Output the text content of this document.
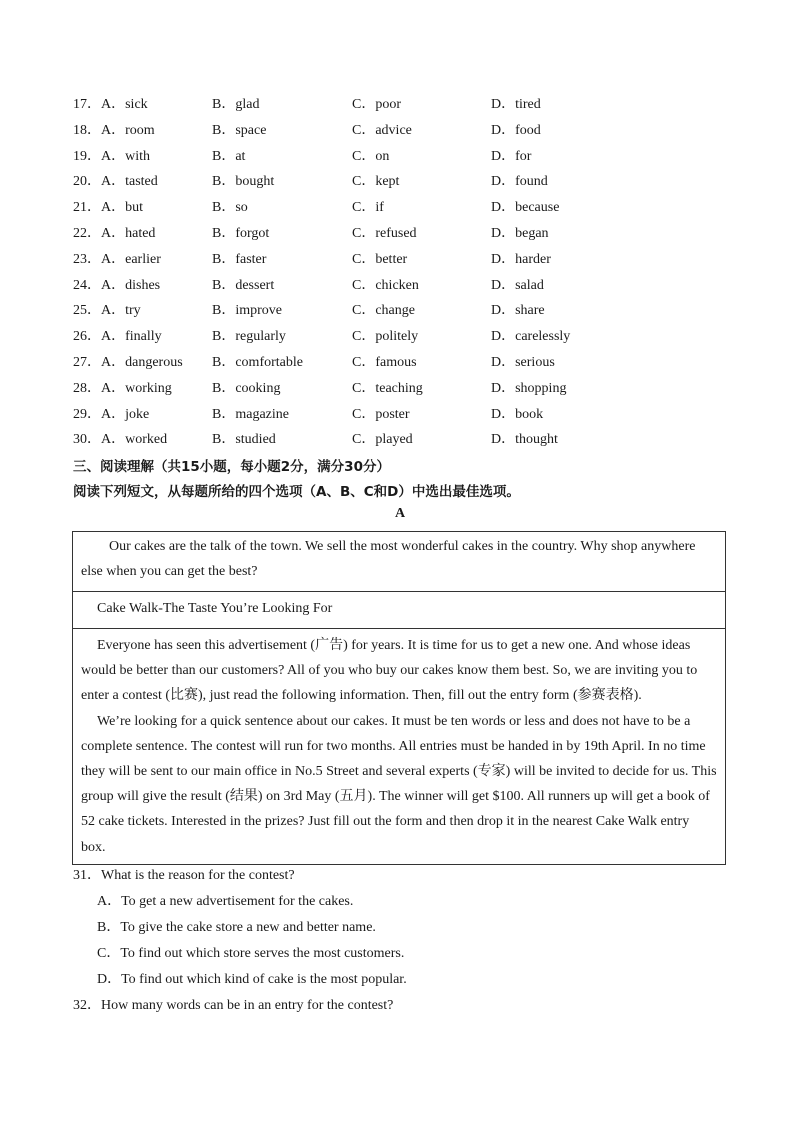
17．A．sick	B．glad	C．poor	D．tired
18．A．room	B．space	C．advice	D．food
19．A．with	B．at	C．on	D．for
20．A．tasted	B．bought	C．kept	D．found
21．A．but	B．so	C．if	D．because
22．A．hated	B．forgot	C．refused	D．began
23．A．earlier	B．faster	C．better	D．harder
24．A．dishes	B．dessert	C．chicken	D．salad
25．A．try	B．improve	C．change	D．share
26．A．finally	B．regularly	C．politely	D．carelessly
27．A．dangerous B．comfortable	C．famous	D．serious
28．A．working	B．cooking	C．teaching	D．shopping
29．A．joke	B．magazine	C．poster	D．book
30．A．worked	B．studied	C．played	D．thought
三、阅读理解（共15小题，每小题2分，满分30分）
阅读下列短文，从每题所给的四个选项（A、B、C和D）中选出最佳选项。
A

Our cakes are the talk of the town. We sell the most wonderful cakes in the country. Why shop anywhere else when you can get the best?

Cake Walk-The Taste You’re Looking For

Everyone has seen this advertisement (广告) for years. It is time for us to get a new one. And whose ideas would be better than our customers? All of you who buy our cakes know them best. So, we are inviting you to enter a contest (比赛), just read the following information. Then, fill out the entry form (参赛表格).

We’re looking for a quick sentence about our cakes. It must be ten words or less and does not have to be a complete sentence. The contest will run for two months. All entries must be handed in by 19th April. In no time they will be sent to our main office in No.5 Street and several experts (专家) will be invited to decide for us. This group will give the result (结果) on 3rd May (五月). The winner will get $100. All runners up will get a book of 52 cake tickets. Interested in the prizes? Just fill out the form and then drop it in the nearest Cake Walk entry box.

31．What is the reason for the contest?
A．To get a new advertisement for the cakes.
B．To give the cake store a new and better name.
C．To find out which store serves the most customers.
D．To find out which kind of cake is the most popular.
32．How many words can be in an entry for the contest?
